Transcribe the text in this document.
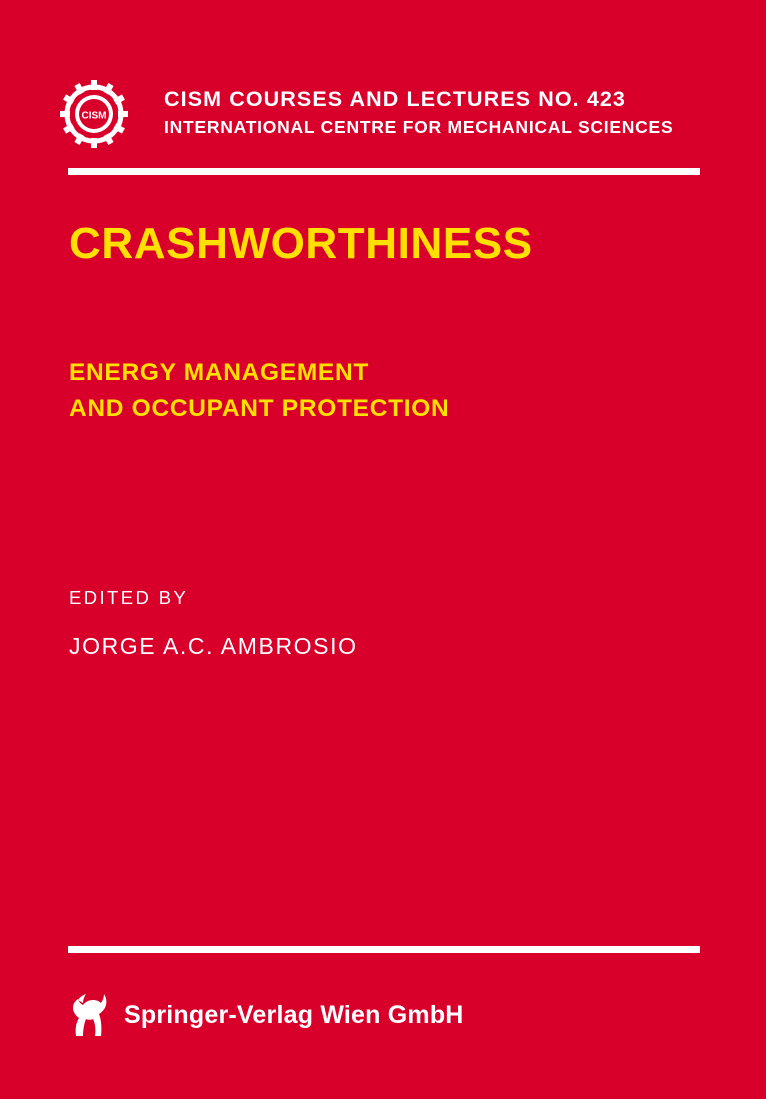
CISM
CISM COURSES AND LECTURES NO. 423
INTERNATIONAL CENTRE FOR MECHANICAL SCIENCES
CRASHWORTHINESS
ENERGY MANAGEMENT
AND OCCUPANT PROTECTION
EDITED BY
JORGE A.C. AMBROSIO
Springer-Verlag Wien GmbH
